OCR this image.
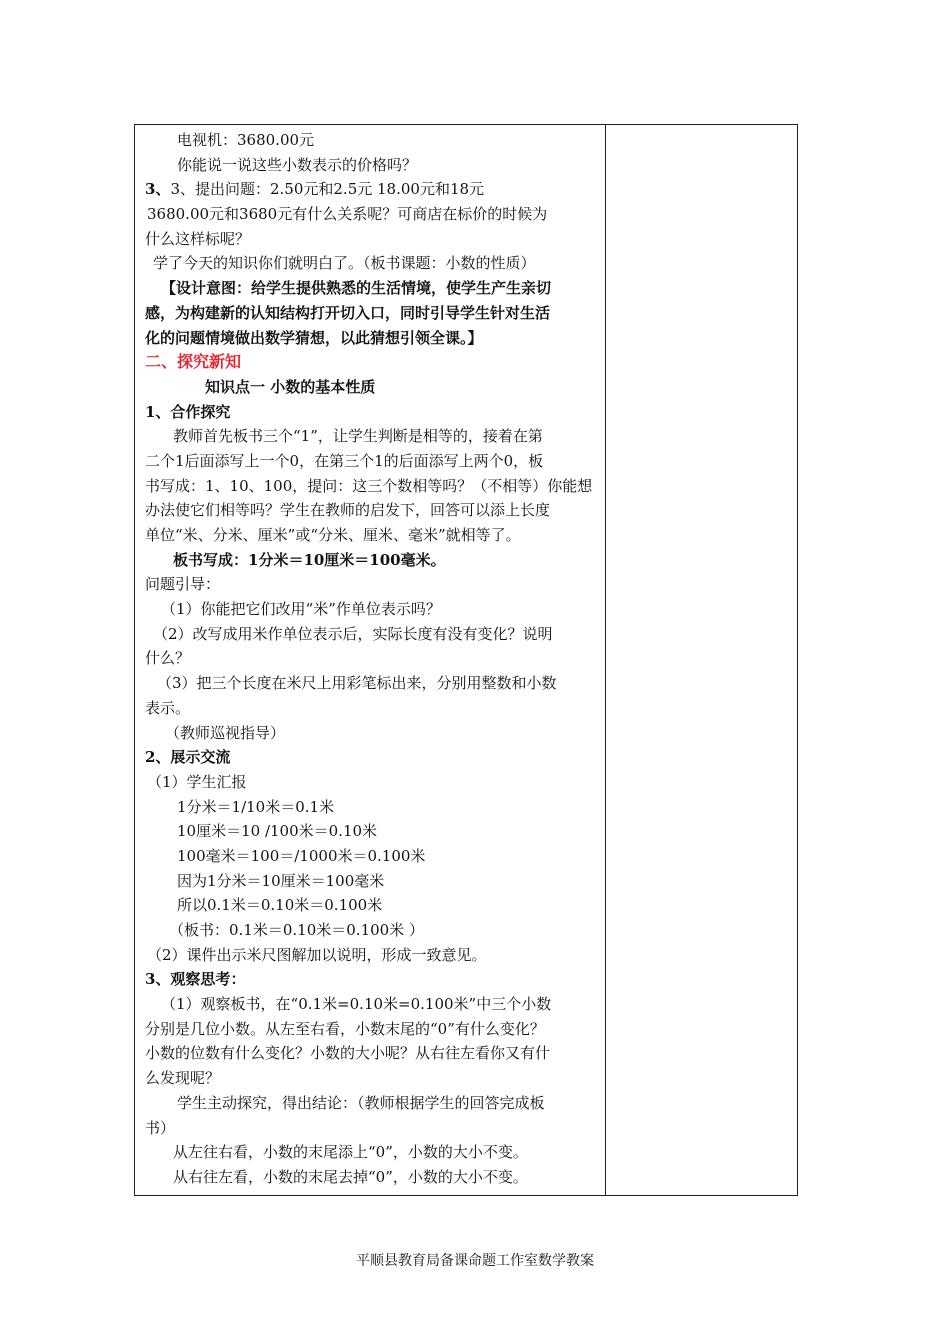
电视机：3680.00元
你能说一说这些小数表示的价格吗？
3、3、提出问题：2.50元和2.5元 18.00元和18元
3680.00元和3680元有什么关系呢？可商店在标价的时候为
什么这样标呢？
学了今天的知识你们就明白了。（板书课题：小数的性质）
【设计意图：给学生提供熟悉的生活情境，使学生产生亲切
感，为构建新的认知结构打开切入口，同时引导学生针对生活
化的问题情境做出数学猜想，以此猜想引领全课。】
二、探究新知
知识点一 小数的基本性质
1、合作探究
教师首先板书三个“1”，让学生判断是相等的，接着在第
二个1后面添写上一个0，在第三个1的后面添写上两个0，板
书写成：1、10、100，提问：这三个数相等吗？（不相等）你能想
办法使它们相等吗？学生在教师的启发下，回答可以添上长度
单位“米、分米、厘米”或“分米、厘米、毫米”就相等了。
板书写成：1分米＝10厘米＝100毫米。
问题引导：
（1）你能把它们改用“米”作单位表示吗？
（2）改写成用米作单位表示后，实际长度有没有变化？说明
什么？
（3）把三个长度在米尺上用彩笔标出来，分别用整数和小数
表示。
（教师巡视指导）
2、展示交流
（1）学生汇报
1分米＝1/10米＝0.1米
10厘米＝10 /100米＝0.10米
100毫米＝100＝/1000米＝0.100米
因为1分米＝10厘米＝100毫米
所以0.1米＝0.10米＝0.100米
（板书：0.1米＝0.10米＝0.100米 ）
（2）课件出示米尺图解加以说明，形成一致意见。
3、观察思考：
（1）观察板书，在“0.1米=0.10米=0.100米”中三个小数
分别是几位小数。从左至右看，小数末尾的“0”有什么变化？
小数的位数有什么变化？小数的大小呢？从右往左看你又有什
么发现呢？
学生主动探究，得出结论：（教师根据学生的回答完成板
书）
从左往右看，小数的末尾添上“0”，小数的大小不变。
从右往左看，小数的末尾去掉“0”，小数的大小不变。
平顺县教育局备课命题工作室数学教案
